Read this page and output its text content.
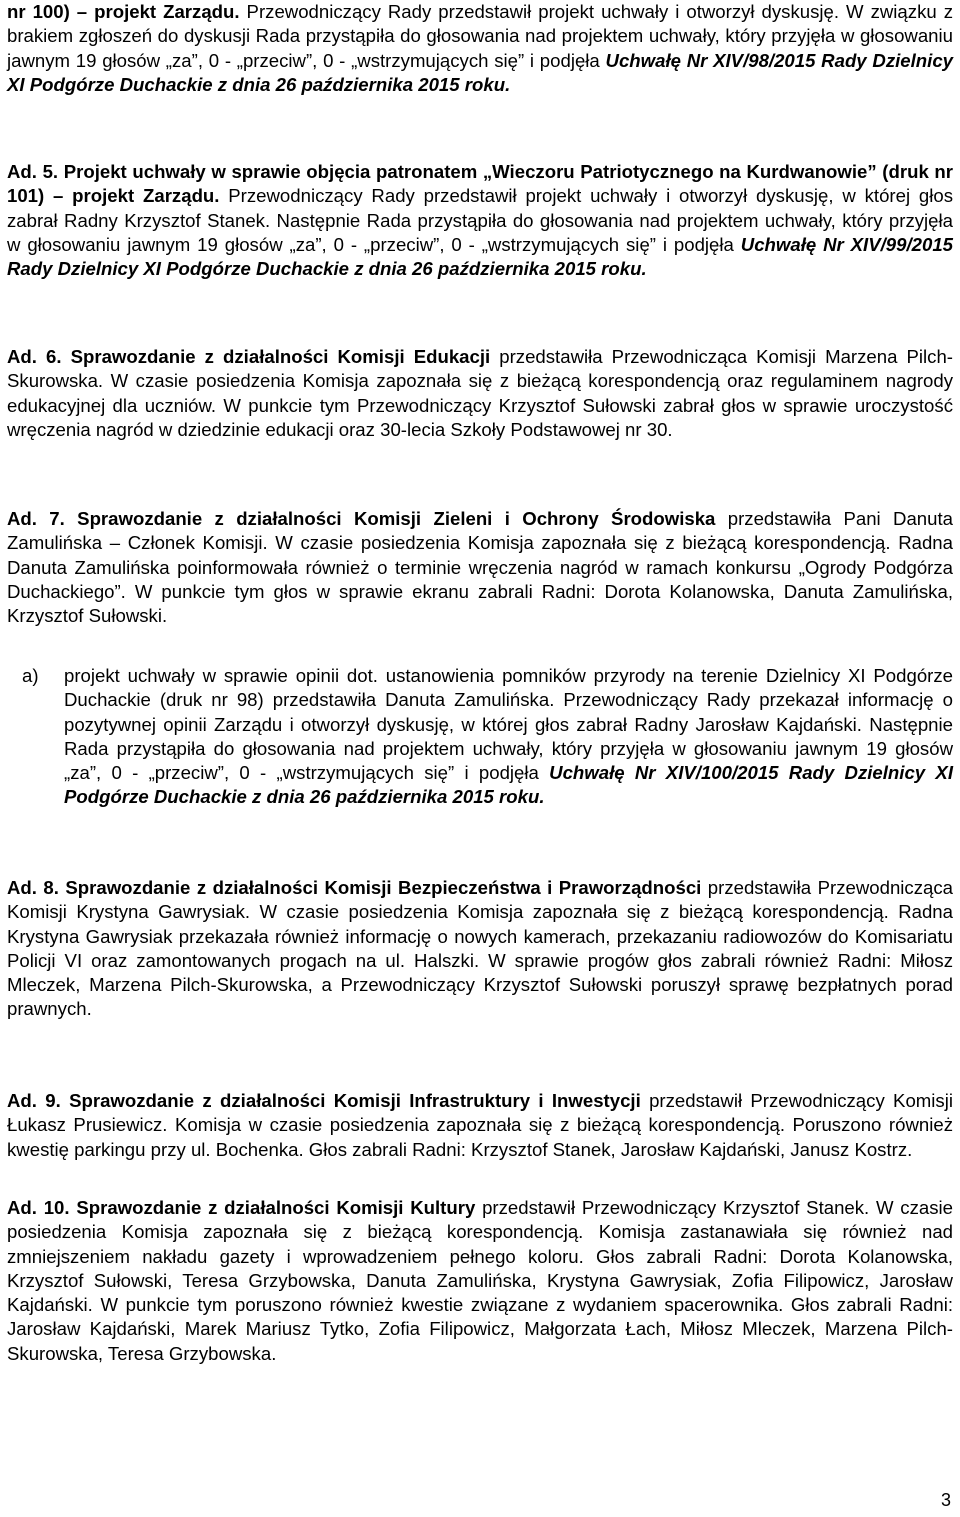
nr 100) – projekt Zarządu. Przewodniczący Rady przedstawił projekt uchwały i otworzył dyskusję. W związku z brakiem zgłoszeń do dyskusji Rada przystąpiła do głosowania nad projektem uchwały, który przyjęła w głosowaniu jawnym 19 głosów „za”, 0 - „przeciw”, 0 - „wstrzymujących się” i podjęła Uchwałę Nr XIV/98/2015 Rady Dzielnicy XI Podgórze Duchackie z dnia 26 października 2015 roku.

Ad. 5. Projekt uchwały w sprawie objęcia patronatem „Wieczoru Patriotycznego na Kurdwanowie” (druk nr 101) – projekt Zarządu. Przewodniczący Rady przedstawił projekt uchwały i otworzył dyskusję, w której głos zabrał Radny Krzysztof Stanek. Następnie Rada przystąpiła do głosowania nad projektem uchwały, który przyjęła w głosowaniu jawnym 19 głosów „za”, 0 - „przeciw”, 0 - „wstrzymujących się” i podjęła Uchwałę Nr XIV/99/2015 Rady Dzielnicy XI Podgórze Duchackie z dnia 26 października 2015 roku.

Ad. 6. Sprawozdanie z działalności Komisji Edukacji przedstawiła Przewodnicząca Komisji Marzena Pilch-Skurowska. W czasie posiedzenia Komisja zapoznała się z bieżącą korespondencją oraz regulaminem nagrody edukacyjnej dla uczniów. W punkcie tym Przewodniczący Krzysztof Sułowski zabrał głos w sprawie uroczystość wręczenia nagród w dziedzinie edukacji oraz 30-lecia Szkoły Podstawowej nr 30.

Ad. 7. Sprawozdanie z działalności Komisji Zieleni i Ochrony Środowiska przedstawiła Pani Danuta Zamulińska – Członek Komisji. W czasie posiedzenia Komisja zapoznała się z bieżącą korespondencją. Radna Danuta Zamulińska poinformowała również o terminie wręczenia nagród w ramach konkursu „Ogrody Podgórza Duchackiego”. W punkcie tym głos w sprawie ekranu zabrali Radni: Dorota Kolanowska, Danuta Zamulińska, Krzysztof Sułowski.

a) projekt uchwały w sprawie opinii dot. ustanowienia pomników przyrody na terenie Dzielnicy XI Podgórze Duchackie (druk nr 98) przedstawiła Danuta Zamulińska. Przewodniczący Rady przekazał informację o pozytywnej opinii Zarządu i otworzył dyskusję, w której głos zabrał Radny Jarosław Kajdański. Następnie Rada przystąpiła do głosowania nad projektem uchwały, który przyjęła w głosowaniu jawnym 19 głosów „za”, 0 - „przeciw”, 0 - „wstrzymujących się” i podjęła Uchwałę Nr XIV/100/2015 Rady Dzielnicy XI Podgórze Duchackie z dnia 26 października 2015 roku.

Ad. 8. Sprawozdanie z działalności Komisji Bezpieczeństwa i Praworządności przedstawiła Przewodnicząca Komisji Krystyna Gawrysiak. W czasie posiedzenia Komisja zapoznała się z bieżącą korespondencją. Radna Krystyna Gawrysiak przekazała również informację o nowych kamerach, przekazaniu radiowozów do Komisariatu Policji VI oraz zamontowanych progach na ul. Halszki. W sprawie progów głos zabrali również Radni: Miłosz Mleczek, Marzena Pilch-Skurowska, a Przewodniczący Krzysztof Sułowski poruszył sprawę bezpłatnych porad prawnych.

Ad. 9. Sprawozdanie z działalności Komisji Infrastruktury i Inwestycji przedstawił Przewodniczący Komisji Łukasz Prusiewicz. Komisja w czasie posiedzenia zapoznała się z bieżącą korespondencją. Poruszono również kwestię parkingu przy ul. Bochenka. Głos zabrali Radni: Krzysztof Stanek, Jarosław Kajdański, Janusz Kostrz.

Ad. 10. Sprawozdanie z działalności Komisji Kultury przedstawił Przewodniczący Krzysztof Stanek. W czasie posiedzenia Komisja zapoznała się z bieżącą korespondencją. Komisja zastanawiała się również nad zmniejszeniem nakładu gazety i wprowadzeniem pełnego koloru. Głos zabrali Radni: Dorota Kolanowska, Krzysztof Sułowski, Teresa Grzybowska, Danuta Zamulińska, Krystyna Gawrysiak, Zofia Filipowicz, Jarosław Kajdański. W punkcie tym poruszono również kwestie związane z wydaniem spacerownika. Głos zabrali Radni: Jarosław Kajdański, Marek Mariusz Tytko, Zofia Filipowicz, Małgorzata Łach, Miłosz Mleczek, Marzena Pilch-Skurowska, Teresa Grzybowska.

3
